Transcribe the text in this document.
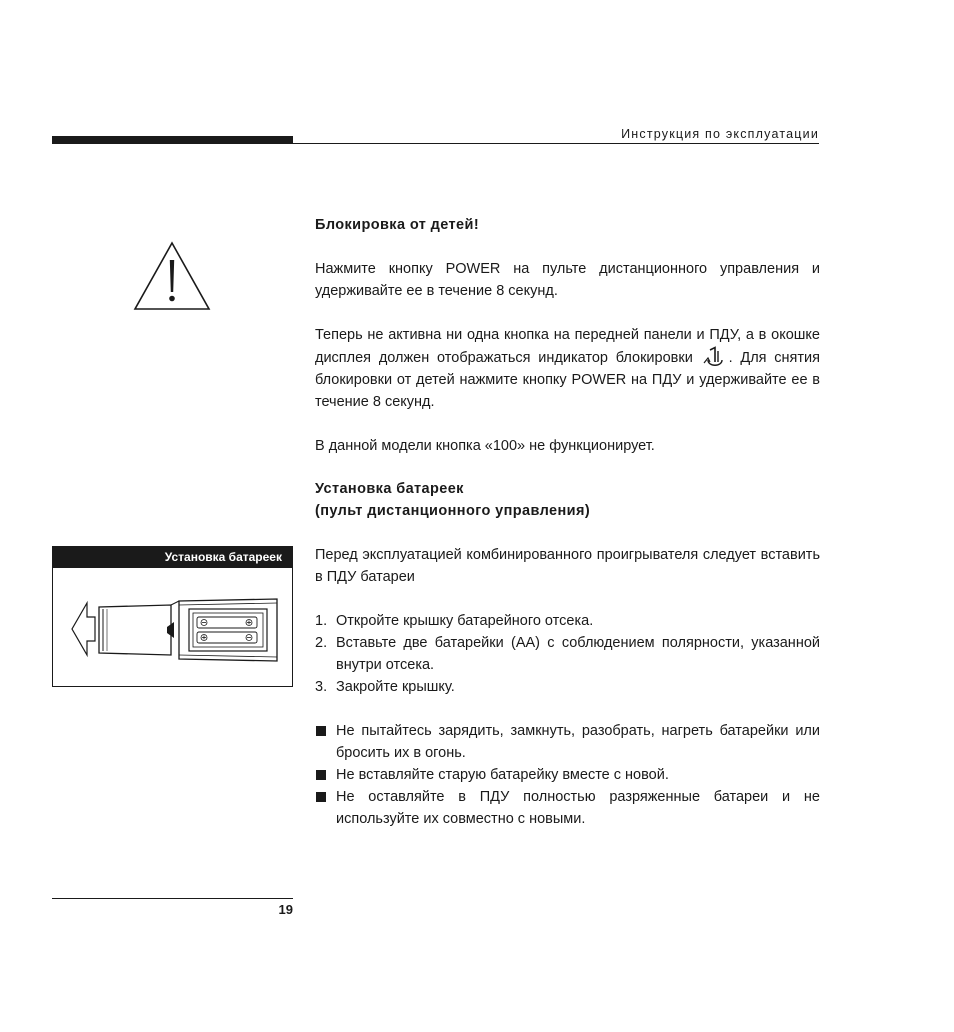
Инструкция по эксплуатации

Блокировка от детей!

Нажмите кнопку POWER на пульте дистанционного управления и удерживайте ее в течение 8 секунд.

Теперь не активна ни одна кнопка на передней панели и ПДУ, а в окошке дисплея должен отображаться индикатор блокировки . Для снятия блокировки от детей нажмите кнопку POWER на ПДУ и удерживайте ее в течение 8 секунд.

В данной модели кнопка «100» не функционирует.

Установка батареек

(пульт дистанционного управления)

Перед эксплуатацией комбинированного проигрывателя следует вставить в ПДУ батареи

1. Откройте крышку батарейного отсека.
2. Вставьте две батарейки (AA) с соблюдением полярности, указанной внутри отсека.
3. Закройте крышку.
Не пытайтесь зарядить, замкнуть, разобрать, нагреть батарейки или бросить их в огонь.
Не вставляйте старую батарейку вместе с новой.
Не оставляйте в ПДУ полностью разряженные батареи и не используйте их совместно с новыми.
Установка батареек
19
